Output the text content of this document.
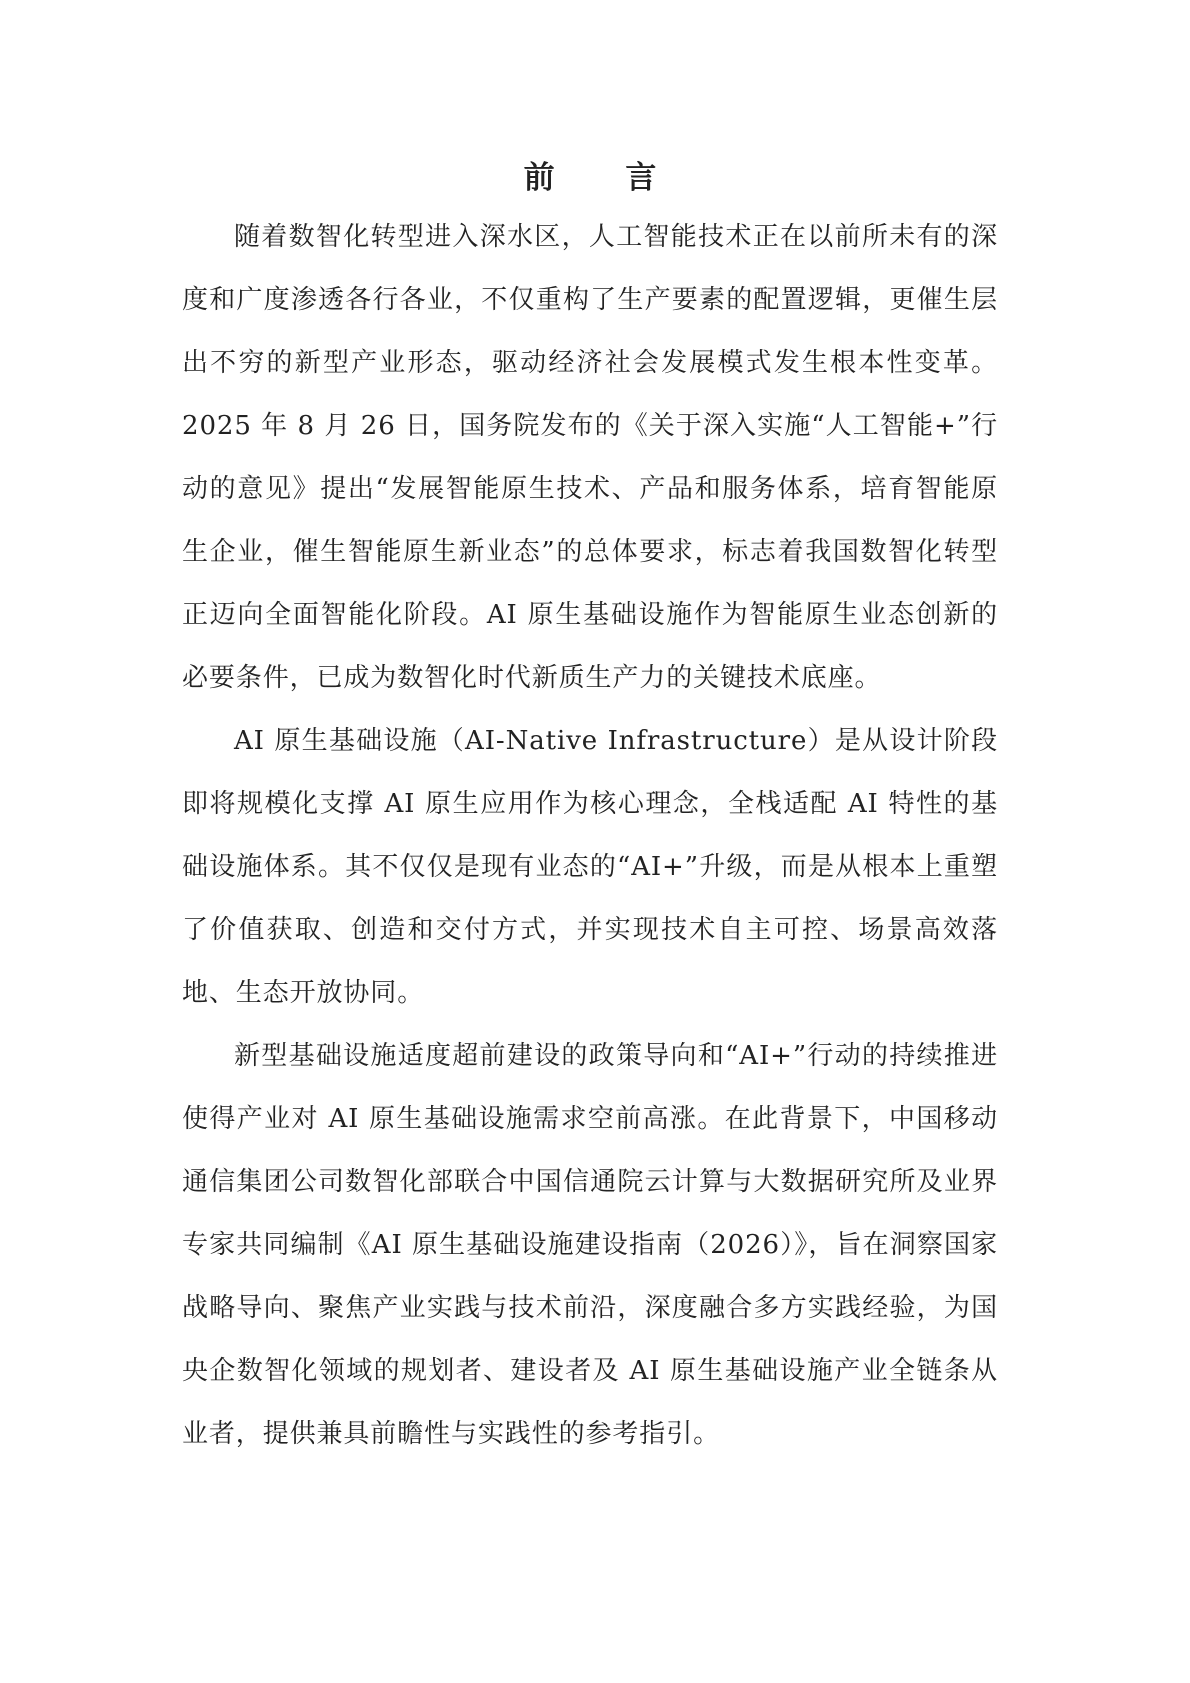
前 言

随着数智化转型进入深水区，人工智能技术正在以前所未有的深度和广度渗透各行各业，不仅重构了生产要素的配置逻辑，更催生层出不穷的新型产业形态，驱动经济社会发展模式发生根本性变革。2025 年 8 月 26 日，国务院发布的《关于深入实施“人工智能+”行动的意见》提出“发展智能原生技术、产品和服务体系，培育智能原生企业，催生智能原生新业态”的总体要求，标志着我国数智化转型正迈向全面智能化阶段。AI 原生基础设施作为智能原生业态创新的必要条件，已成为数智化时代新质生产力的关键技术底座。

AI 原生基础设施（AI-Native Infrastructure）是从设计阶段即将规模化支撑 AI 原生应用作为核心理念，全栈适配 AI 特性的基础设施体系。其不仅仅是现有业态的“AI+”升级，而是从根本上重塑了价值获取、创造和交付方式，并实现技术自主可控、场景高效落地、生态开放协同。

新型基础设施适度超前建设的政策导向和“AI+”行动的持续推进使得产业对 AI 原生基础设施需求空前高涨。在此背景下，中国移动通信集团公司数智化部联合中国信通院云计算与大数据研究所及业界专家共同编制《AI 原生基础设施建设指南（2026）》，旨在洞察国家战略导向、聚焦产业实践与技术前沿，深度融合多方实践经验，为国央企数智化领域的规划者、建设者及 AI 原生基础设施产业全链条从业者，提供兼具前瞻性与实践性的参考指引。
